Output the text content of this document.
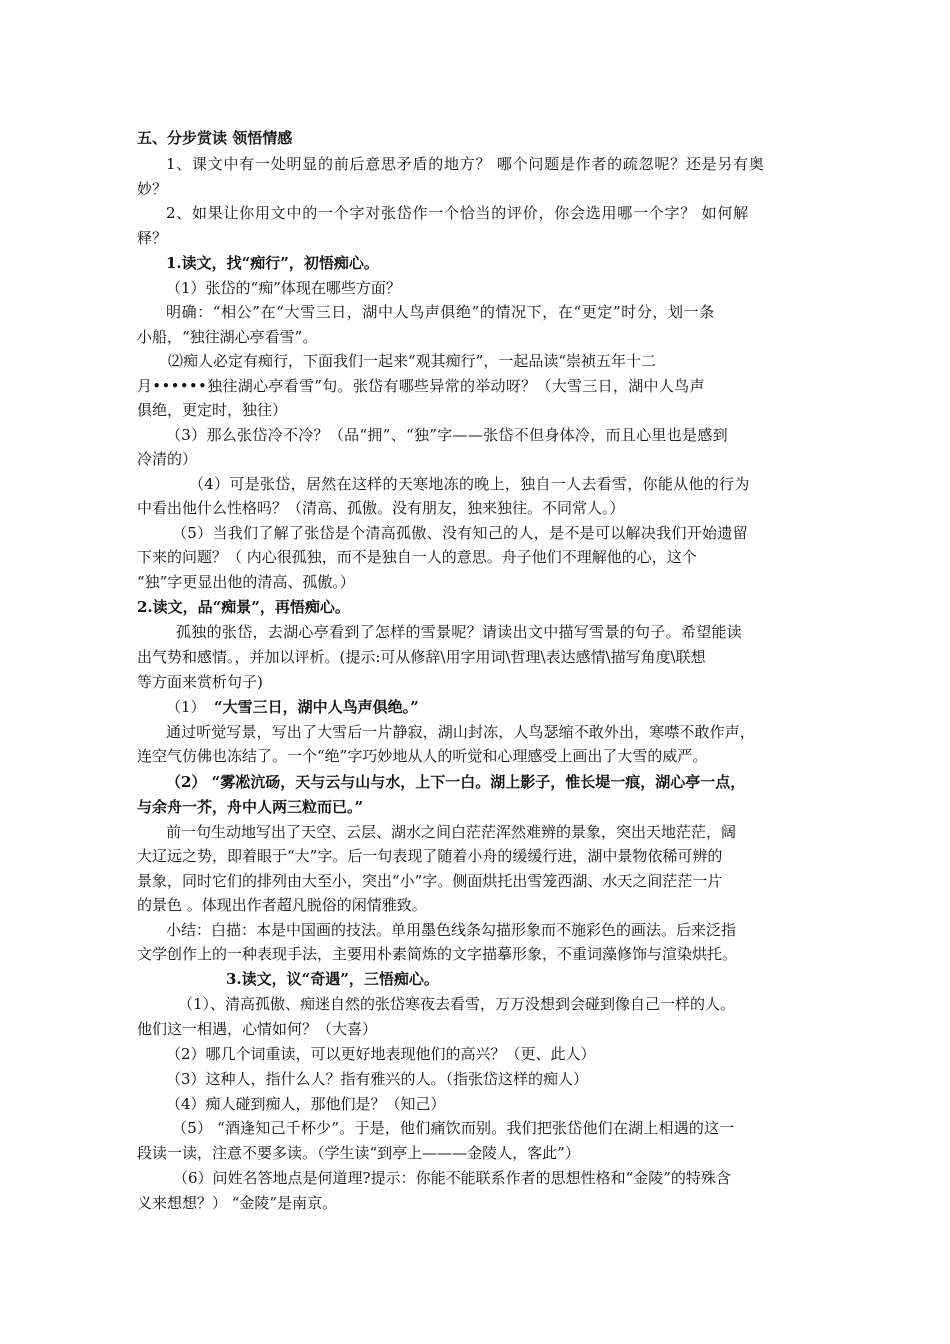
五、分步赏读 领悟情感
1、课文中有一处明显的前后意思矛盾的地方？ 哪个问题是作者的疏忽呢？还是另有奥
妙？
2、如果让你用文中的一个字对张岱作一个恰当的评价，你会选用哪一个字？ 如何解
释？
1.读文，找“痴行”，初悟痴心。
（1）张岱的“痴”体现在哪些方面？
明确：“相公”在“大雪三日，湖中人鸟声俱绝”的情况下，在“更定”时分，划一条
小船，“独往湖心亭看雪”。
⑵痴人必定有痴行，下面我们一起来“观其痴行”，一起品读“崇祯五年十二
月••••••独往湖心亭看雪”句。张岱有哪些异常的举动呀？（大雪三日，湖中人鸟声
俱绝，更定时，独往）
（3）那么张岱冷不冷？（品“拥”、“独”字——张岱不但身体冷，而且心里也是感到
冷清的）
（4）可是张岱，居然在这样的天寒地冻的晚上，独自一人去看雪，你能从他的行为
中看出他什么性格吗？（清高、孤傲。没有朋友，独来独往。不同常人。）
（5）当我们了解了张岱是个清高孤傲、没有知己的人，是不是可以解决我们开始遗留
下来的问题？（ 内心很孤独，而不是独自一人的意思。舟子他们不理解他的心，这个
“独”字更显出他的清高、孤傲。）
2.读文，品“痴景”，再悟痴心。
孤独的张岱，去湖心亭看到了怎样的雪景呢？请读出文中描写雪景的句子。希望能读
出气势和感情。，并加以评析。(提示:可从修辞\用字用词\哲理\表达感情\描写角度\联想
等方面来赏析句子)
（1） “大雪三日，湖中人鸟声俱绝。”
通过听觉写景，写出了大雪后一片静寂，湖山封冻，人鸟瑟缩不敢外出，寒噤不敢作声，
连空气仿佛也冻结了。一个“绝”字巧妙地从人的听觉和心理感受上画出了大雪的威严。
（2） “雾凇沆砀，天与云与山与水，上下一白。湖上影子，惟长堤一痕，湖心亭一点，
与余舟一芥，舟中人两三粒而已。”
前一句生动地写出了天空、云层、湖水之间白茫茫浑然难辨的景象，突出天地茫茫，阔
大辽远之势，即着眼于“大”字。后一句表现了随着小舟的缓缓行进，湖中景物依稀可辨的
景象，同时它们的排列由大至小，突出“小”字。侧面烘托出雪笼西湖、水天之间茫茫一片
的景色 。体现出作者超凡脱俗的闲情雅致。
小结：白描：本是中国画的技法。单用墨色线条勾描形象而不施彩色的画法。后来泛指
文学创作上的一种表现手法，主要用朴素简炼的文字描摹形象，不重词藻修饰与渲染烘托。
3.读文，议“奇遇”，三悟痴心。
（1）、清高孤傲、痴迷自然的张岱寒夜去看雪，万万没想到会碰到像自己一样的人。
他们这一相遇，心情如何？（大喜）
（2）哪几个词重读，可以更好地表现他们的高兴？（更、此人）
（3）这种人，指什么人？指有雅兴的人。（指张岱这样的痴人）
（4）痴人碰到痴人，那他们是？（知己）
（5） “酒逢知己千杯少”。于是，他们痛饮而别。我们把张岱他们在湖上相遇的这一
段读一读，注意不要多读。（学生读“到亭上———金陵人，客此”）
（6）问姓名答地点是何道理?提示：你能不能联系作者的思想性格和“金陵”的特殊含
义来想想？） “金陵”是南京。
